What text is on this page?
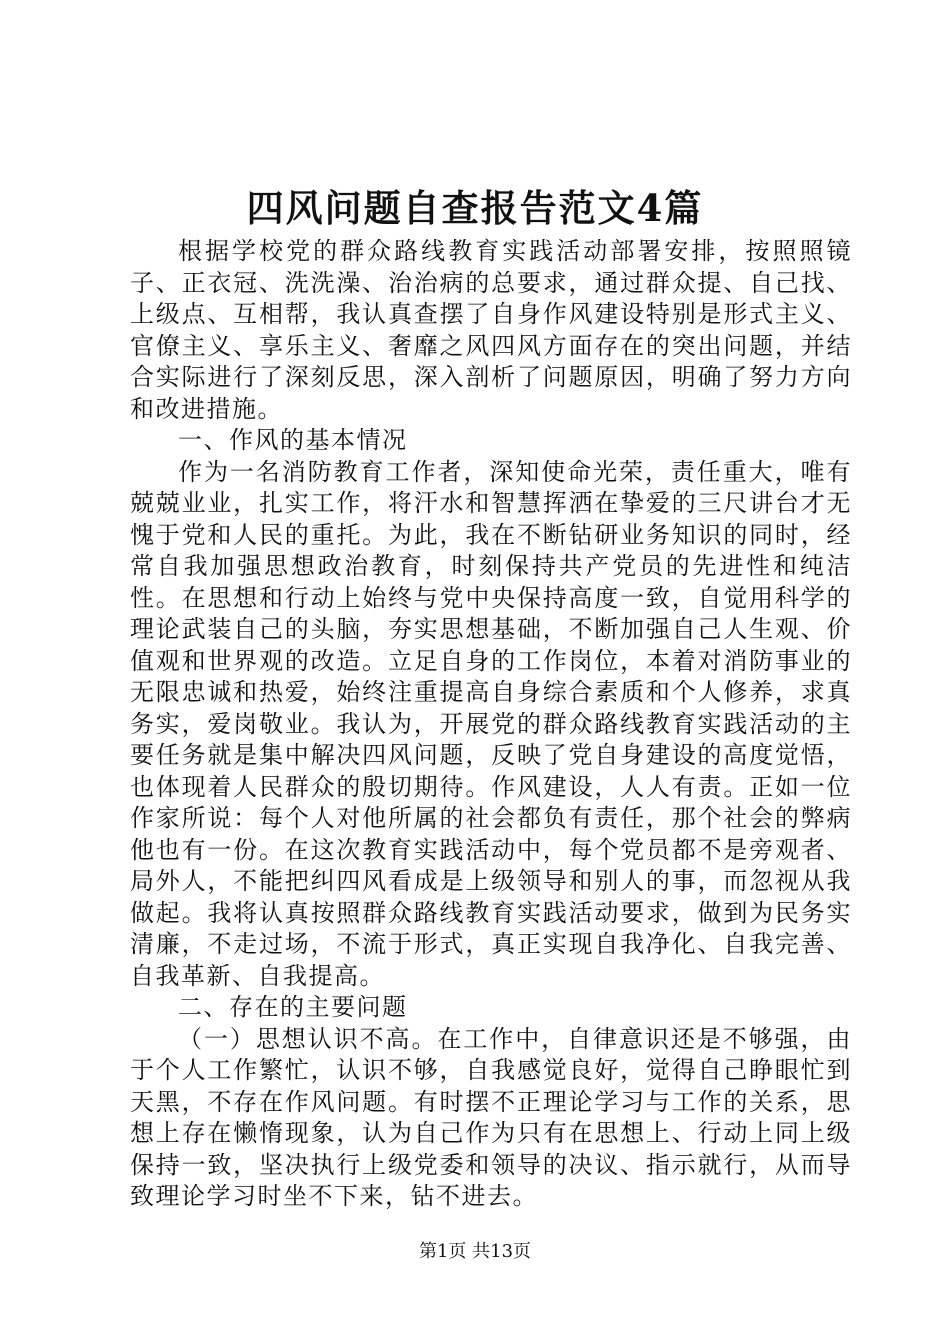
四风问题自查报告范文4篇

根据学校党的群众路线教育实践活动部署安排，按照照镜子、正衣冠、洗洗澡、治治病的总要求，通过群众提、自己找、上级点、互相帮，我认真查摆了自身作风建设特别是形式主义、官僚主义、享乐主义、奢靡之风四风方面存在的突出问题，并结合实际进行了深刻反思，深入剖析了问题原因，明确了努力方向和改进措施。

一、作风的基本情况

作为一名消防教育工作者，深知使命光荣，责任重大，唯有兢兢业业，扎实工作，将汗水和智慧挥洒在挚爱的三尺讲台才无愧于党和人民的重托。为此，我在不断钻研业务知识的同时，经常自我加强思想政治教育，时刻保持共产党员的先进性和纯洁性。在思想和行动上始终与党中央保持高度一致，自觉用科学的理论武装自己的头脑，夯实思想基础，不断加强自己人生观、价值观和世界观的改造。立足自身的工作岗位，本着对消防事业的无限忠诚和热爱，始终注重提高自身综合素质和个人修养，求真务实，爱岗敬业。我认为，开展党的群众路线教育实践活动的主要任务就是集中解决四风问题，反映了党自身建设的高度觉悟，也体现着人民群众的殷切期待。作风建设，人人有责。正如一位作家所说：每个人对他所属的社会都负有责任，那个社会的弊病他也有一份。在这次教育实践活动中，每个党员都不是旁观者、局外人，不能把纠四风看成是上级领导和别人的事，而忽视从我做起。我将认真按照群众路线教育实践活动要求，做到为民务实清廉，不走过场，不流于形式，真正实现自我净化、自我完善、自我革新、自我提高。

二、存在的主要问题

（一）思想认识不高。在工作中，自律意识还是不够强，由于个人工作繁忙，认识不够，自我感觉良好，觉得自己睁眼忙到天黑，不存在作风问题。有时摆不正理论学习与工作的关系，思想上存在懒惰现象，认为自己作为只有在思想上、行动上同上级保持一致，坚决执行上级党委和领导的决议、指示就行，从而导致理论学习时坐不下来，钻不进去。

第1页 共13页
